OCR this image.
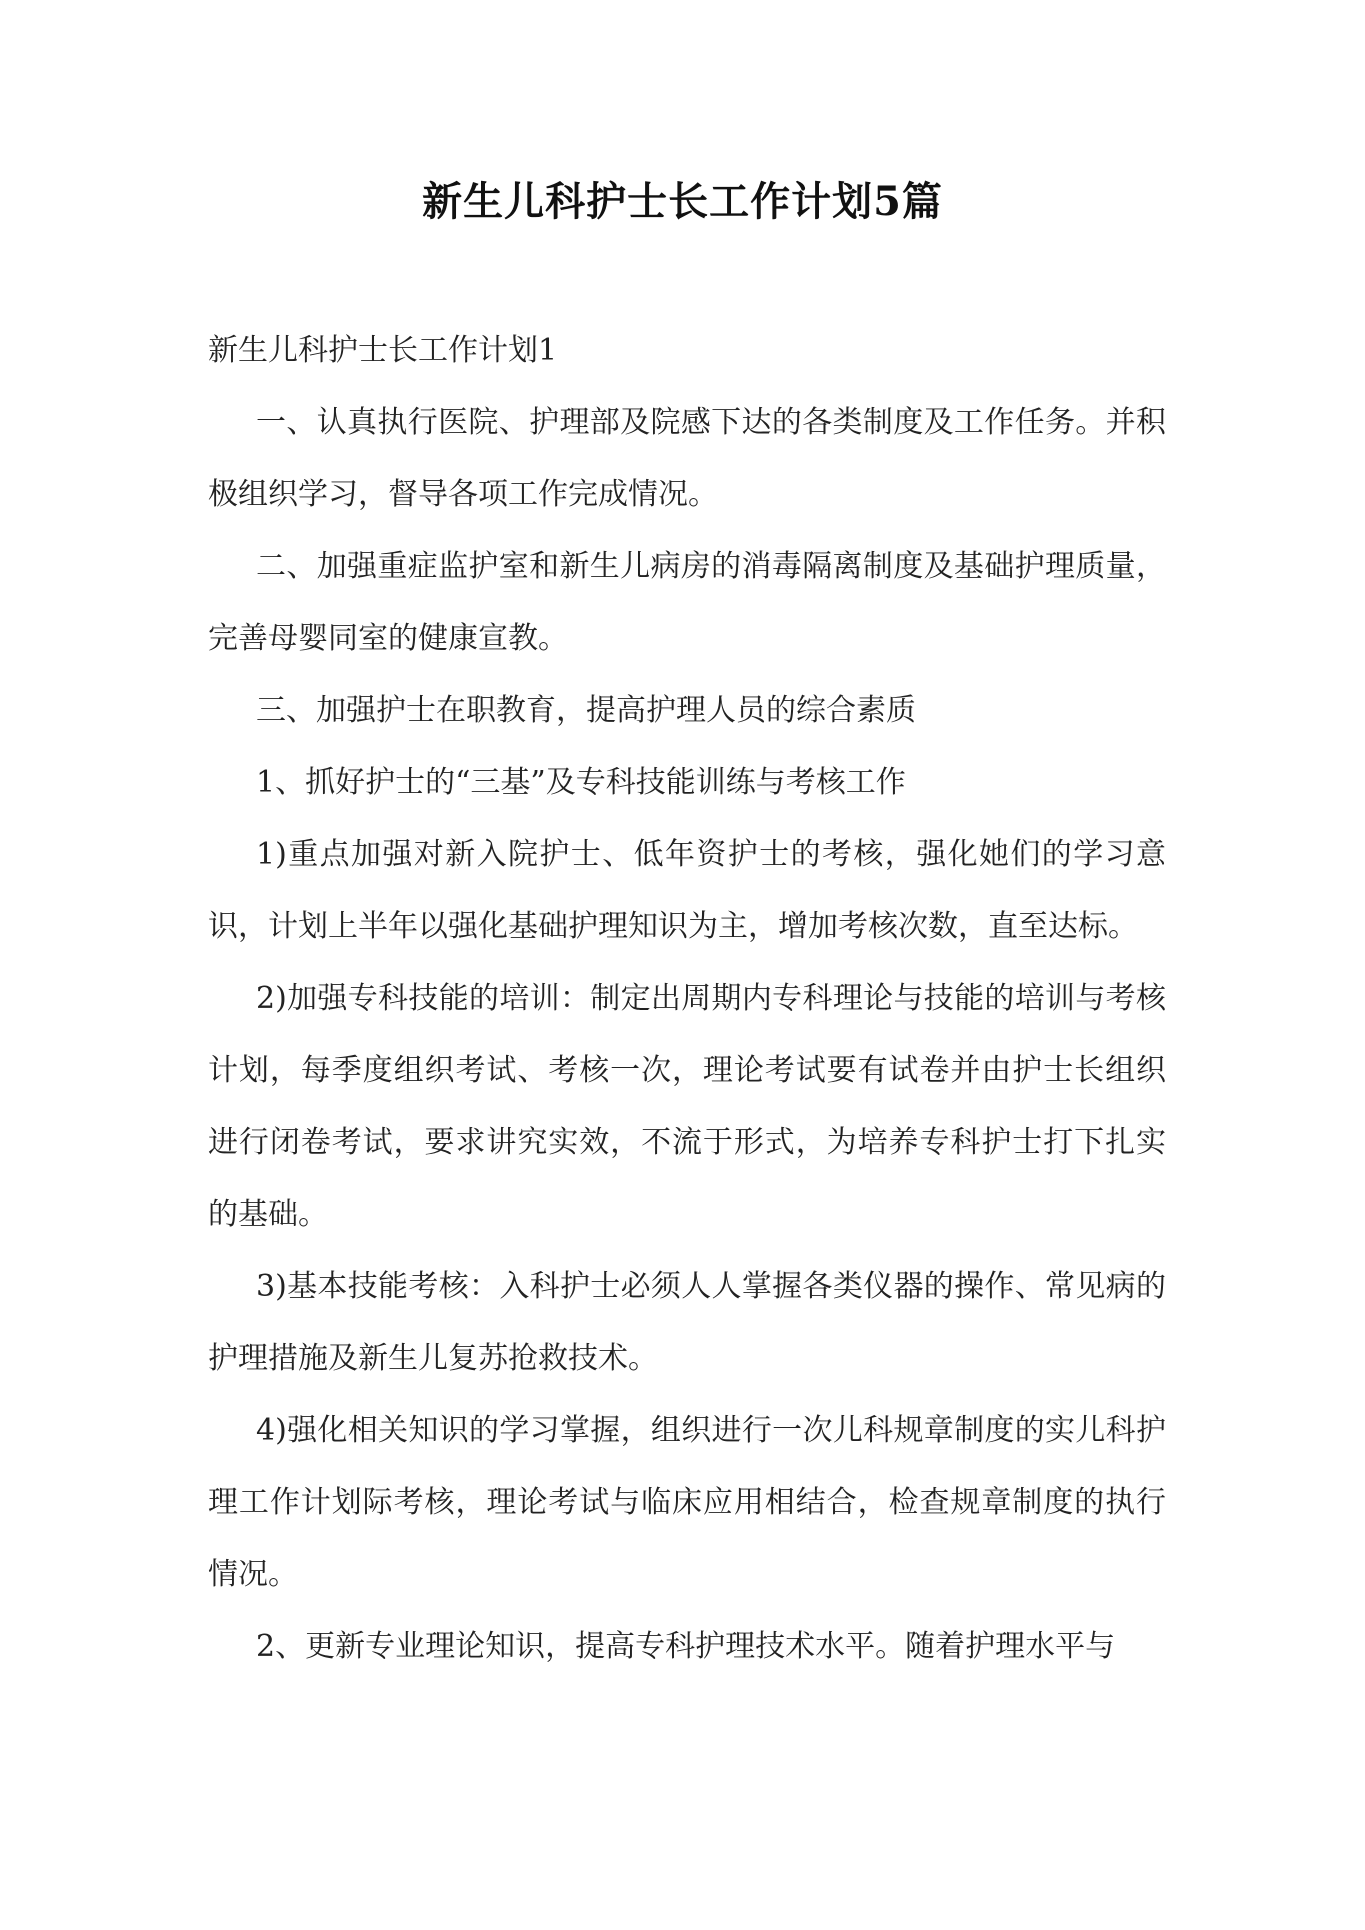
新生儿科护士长工作计划5篇

新生儿科护士长工作计划1

一、认真执行医院、护理部及院感下达的各类制度及工作任务。并积极组织学习，督导各项工作完成情况。

二、加强重症监护室和新生儿病房的消毒隔离制度及基础护理质量，完善母婴同室的健康宣教。

三、加强护士在职教育，提高护理人员的综合素质

1、抓好护士的“三基”及专科技能训练与考核工作

1)重点加强对新入院护士、低年资护士的考核，强化她们的学习意识，计划上半年以强化基础护理知识为主，增加考核次数，直至达标。

2)加强专科技能的培训：制定出周期内专科理论与技能的培训与考核计划，每季度组织考试、考核一次，理论考试要有试卷并由护士长组织进行闭卷考试，要求讲究实效，不流于形式，为培养专科护士打下扎实的基础。

3)基本技能考核：入科护士必须人人掌握各类仪器的操作、常见病的护理措施及新生儿复苏抢救技术。

4)强化相关知识的学习掌握，组织进行一次儿科规章制度的实儿科护理工作计划际考核，理论考试与临床应用相结合，检查规章制度的执行情况。

2、更新专业理论知识，提高专科护理技术水平。随着护理水平与
